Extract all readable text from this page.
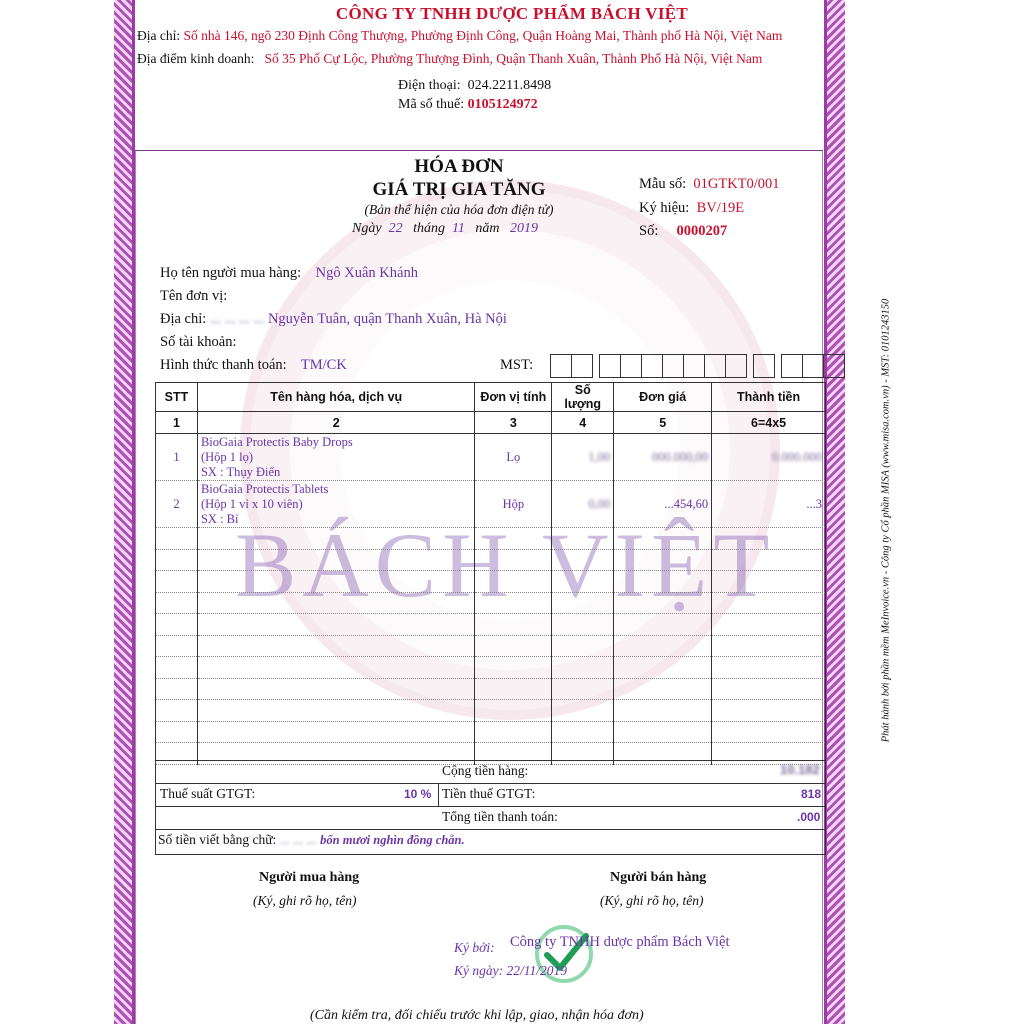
BÁCH VIỆT
CÔNG TY TNHH DƯỢC PHẨM BÁCH VIỆT
Địa chỉ: Số nhà 146, ngõ 230 Định Công Thượng, Phường Định Công, Quận Hoàng Mai, Thành phố Hà Nội, Việt Nam
Địa điểm kinh doanh: Số 35 Phố Cự Lộc, Phường Thượng Đình, Quận Thanh Xuân, Thành Phố Hà Nội, Việt Nam
Điện thoại: 024.2211.8498
Mã số thuế: 0105124972
HÓA ĐƠN
GIÁ TRỊ GIA TĂNG
(Bản thể hiện của hóa đơn điện tử)
Ngày 22 tháng 11 năm 2019
Mẫu số: 01GTKT0/001
Ký hiệu: BV/19E
Số: 0000207
Họ tên người mua hàng: Ngô Xuân Khánh
Tên đơn vị:
Địa chỉ: ... ... ... ... Nguyễn Tuân, quận Thanh Xuân, Hà Nội
Số tài khoản:
Hình thức thanh toán: TM/CK	MST:
STT	Tên hàng hóa, dịch vụ	Đơn vị tính	Số lượng	Đơn giá	Thành tiền
1	2	3	4	5	6=4x5
1	BioGaia Protectis Baby Drops
(Hộp 1 lọ)
SX : Thụy Điển	Lọ	1,00	000.000,00	0.000.000
2	BioGaia Protectis Tablets
(Hộp 1 vỉ x 10 viên)
SX : Bỉ	Hộp	0,00	...454,60	...3

Cộng tiền hàng:	10.182
Thuế suất GTGT:	10 % Tiền thuế GTGT:	818
Tổng tiền thanh toán:	.000
Số tiền viết bằng chữ: ... ... ... bốn mươi nghìn đồng chẵn.
Người mua hàng
(Ký, ghi rõ họ, tên)
Người bán hàng
(Ký, ghi rõ họ, tên)
Ký bởi: Công ty TNHH dược phẩm Bách Việt
Ký ngày: 22/11/2019
(Cần kiểm tra, đối chiếu trước khi lập, giao, nhận hóa đơn)
Phát hành bởi phần mềm MeInvoice.vn - Công ty Cổ phần MISA (www.misa.com.vn) - MST: 0101243150
